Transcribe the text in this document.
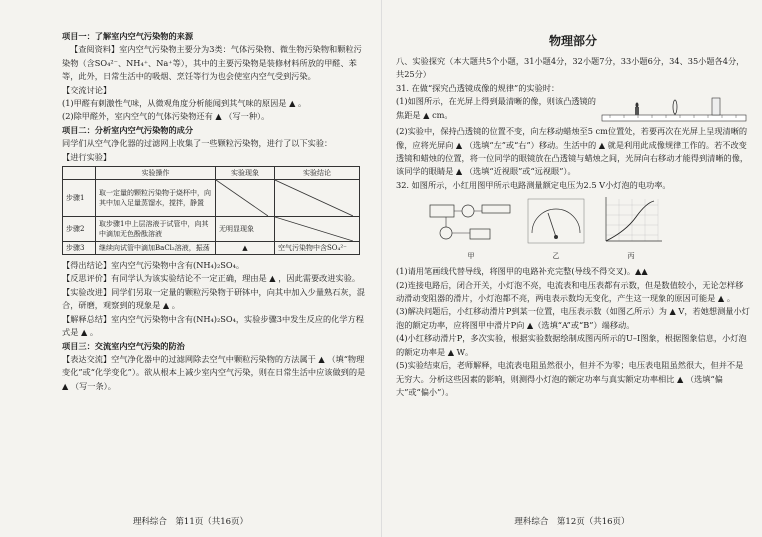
项目一：了解室内空气污染物的来源

【查阅资料】室内空气污染物主要分为3类：气体污染物、微生物污染物和颗粒污染物（含SO₄²⁻、NH₄⁺、Na⁺等），其中的主要污染物是装修材料所放的甲醛、苯等，此外，日常生活中的吸烟、烹饪等行为也会使室内空气受到污染。

【交流讨论】

(1)甲醛有刺激性气味，从微观角度分析能闻到其气味的原因是 ▲ 。

(2)除甲醛外，室内空气的气体污染物还有 ▲ （写一种）。

项目二：分析室内空气污染物的成分

同学们从空气净化器的过滤网上收集了一些颗粒污染物，进行了以下实验：

【进行实验】

	实验操作	实验现象	实验结论
步骤1	取一定量的颗粒污染物于烧杯中，向其中加入足量蒸馏水，搅拌，静置	

步骤2	取步骤1中上层溶液于试管中，向其中滴加无色酚酞溶液	无明显现象	

步骤3	继续向试管中滴加BaCl₂溶液，振荡	▲	空气污染物中含SO₄²⁻

【得出结论】室内空气污染物中含有(NH₄)₂SO₄。

【反思评价】有同学认为该实验结论不一定正确，理由是 ▲ ，因此需要改进实验。

【实验改进】同学们另取一定量的颗粒污染物于研钵中，向其中加入少量熟石灰，混合，研磨，观察到的现象是 ▲ 。

【解释总结】室内空气污染物中含有(NH₄)₂SO₄，实验步骤3中发生反应的化学方程式是 ▲ 。

项目三：交流室内空气污染的防治

【表达交流】空气净化器中的过滤网除去空气中颗粒污染物的方法属于 ▲ （填“物理变化”或“化学变化”）。欲从根本上减少室内空气污染，则在日常生活中应该做到的是 ▲ （写一条）。

理科综合　第11页（共16页）
物理部分

八、实验探究（本大题共5个小题，31小题4分，32小题7分，33小题6分，34、35小题各4分，共25分）

31. 在做“探究凸透镜成像的规律”的实验时：

(1)如图所示，在光屏上得到最清晰的像，则该凸透镜的焦距是 ▲ cm。

(2)实验中，保持凸透镜的位置不变，向左移动蜡烛至5 cm位置处，若要再次在光屏上呈现清晰的像，应将光屏向 ▲ （选填“左”或“右”）移动。生活中的 ▲ 就是利用此成像规律工作的。若不改变透镜和蜡烛的位置，将一位同学的眼镜放在凸透镜与蜡烛之间，光屏向右移动才能得到清晰的像，该同学的眼睛是 ▲ （选填“近视眼”或“远视眼”）。

32. 如图所示，小红用图甲所示电路测量额定电压为2.5 V小灯泡的电功率。

甲	乙	丙

(1)请用笔画线代替导线，将图甲的电路补充完整(导线不得交叉)。▲▲

(2)连接电路后，闭合开关，小灯泡不亮，电流表和电压表都有示数，但是数值较小，无论怎样移动滑动变阻器的滑片，小灯泡都不亮，两电表示数均无变化，产生这一现象的原因可能是 ▲ 。

(3)解决问题后，小红移动滑片P到某一位置，电压表示数（如图乙所示）为 ▲ V，若她想测量小灯泡的额定功率，应将图甲中滑片P向 ▲（选填“A”或“B”）端移动。

(4)小红移动滑片P，多次实验，根据实验数据绘制成图丙所示的U–I图象，根据图象信息，小灯泡的额定功率是 ▲ W。

(5)实验结束后，老师解释，电流表电阻虽然很小，但并不为零；电压表电阻虽然很大，但并不是无穷大。分析这些因素的影响，则测得小灯泡的额定功率与真实额定功率相比 ▲ （选填“偏大”或“偏小”）。

理科综合　第12页（共16页）
